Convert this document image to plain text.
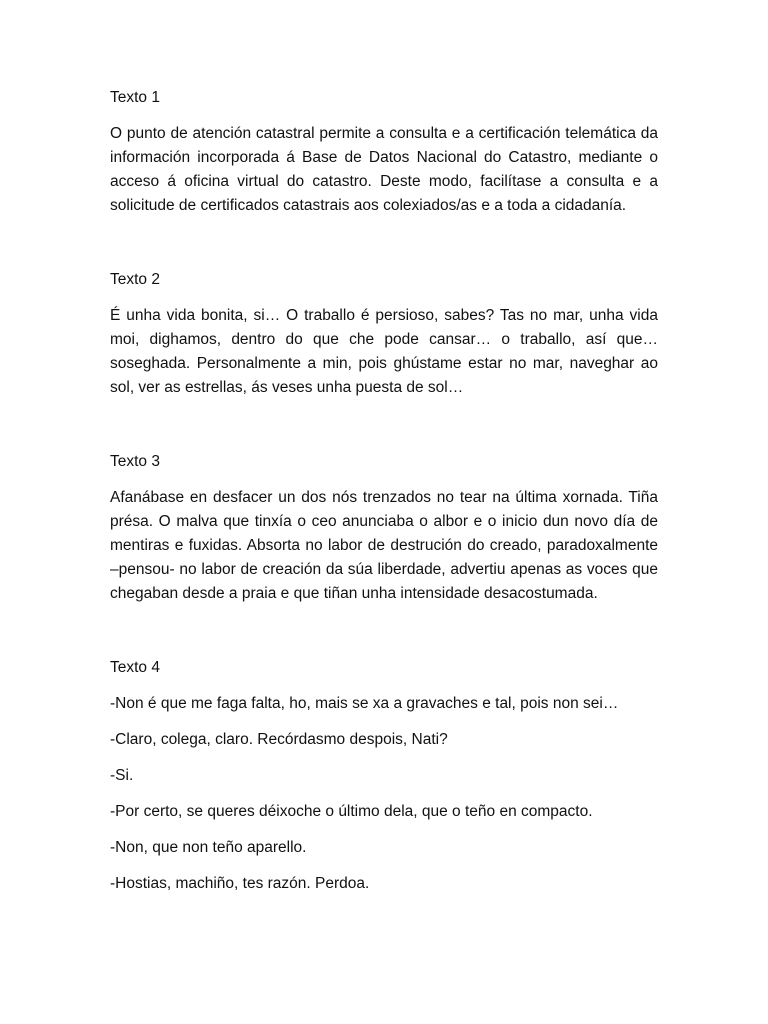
Texto 1

O punto de atención catastral permite a consulta e a certificación telemática da información incorporada á Base de Datos Nacional do Catastro, mediante o acceso á oficina virtual do catastro. Deste modo, facilítase a consulta e a solicitude de certificados catastrais aos colexiados/as e a toda a cidadanía.

Texto 2

É unha vida bonita, si… O traballo é persioso, sabes? Tas no mar, unha vida moi, dighamos, dentro do que che pode cansar… o traballo, así que… soseghada. Personalmente a min, pois ghústame estar no mar, naveghar ao sol, ver as estrellas, ás veses unha puesta de sol…

Texto 3

Afanábase en desfacer un dos nós trenzados no tear na última xornada. Tiña présa. O malva que tinxía o ceo anunciaba o albor e o inicio dun novo día de mentiras e fuxidas. Absorta no labor de destrución do creado, paradoxalmente –pensou- no labor de creación da súa liberdade, advertiu apenas as voces que chegaban desde a praia e que tiñan unha intensidade desacostumada.

Texto 4

-Non é que me faga falta, ho, mais se xa a gravaches e tal, pois non sei…

-Claro, colega, claro. Recórdasmo despois, Nati?

-Si.

-Por certo, se queres déixoche o último dela, que o teño en compacto.

-Non, que non teño aparello.

-Hostias, machiño, tes razón. Perdoa.
